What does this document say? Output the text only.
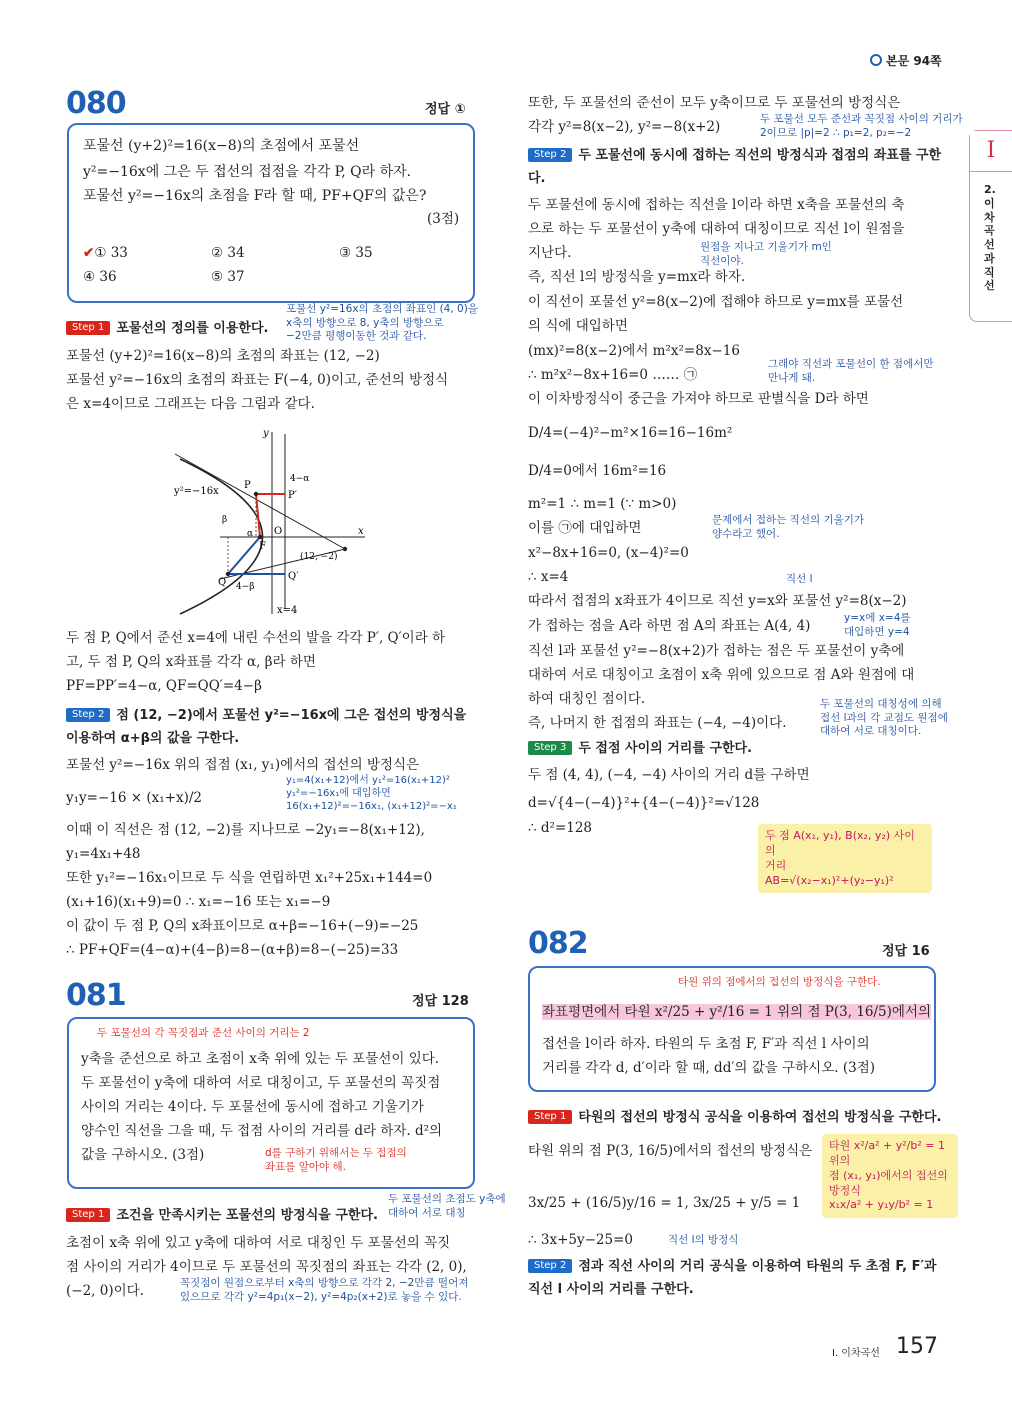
본문 94쪽
I
2. 이차곡선과 직선
080	정답 ①
포물선 (y+2)²=16(x−8)의 초점에서 포물선
y²=−16x에 그은 두 접선의 접점을 각각 P, Q라 하자.
포물선 y²=−16x의 초점을 F라 할 때, PF+QF의 값은?
(3점)
✔① 33	② 34	③ 35
④ 36	⑤ 37
Step 1 포물선의 정의를 이용한다.
포물선 y²=16x의 초점의 좌표인 (4, 0)을
x축의 방향으로 8, y축의 방향으로
−2만큼 평행이동한 것과 같다.
포물선 (y+2)²=16(x−8)의 초점의 좌표는 (12, −2)
포물선 y²=−16x의 초점의 좌표는 F(−4, 0)이고, 준선의 방정식
은 x=4이므로 그래프는 다음 그림과 같다.
y
x
O
y²=−16x
x=4
P
P′
Q
Q′
F
α
β
(12, −2)
4−α
4−β
두 점 P, Q에서 준선 x=4에 내린 수선의 발을 각각 P′, Q′이라 하
고, 두 점 P, Q의 x좌표를 각각 α, β라 하면
PF=PP′=4−α, QF=QQ′=4−β
Step 2 점 (12, −2)에서 포물선 y²=−16x에 그은 접선의 방정식을
이용하여 α+β의 값을 구한다.
포물선 y²=−16x 위의 접점 (x₁, y₁)에서의 접선의 방정식은
y₁y=−16 × (x₁+x)/2
y₁=4(x₁+12)에서 y₁²=16(x₁+12)²
y₁²=−16x₁에 대입하면
16(x₁+12)²=−16x₁, (x₁+12)²=−x₁
이때 이 직선은 점 (12, −2)를 지나므로 −2y₁=−8(x₁+12),
y₁=4x₁+48
또한 y₁²=−16x₁이므로 두 식을 연립하면 x₁²+25x₁+144=0
(x₁+16)(x₁+9)=0 ∴ x₁=−16 또는 x₁=−9
이 값이 두 점 P, Q의 x좌표이므로 α+β=−16+(−9)=−25
∴ PF+QF=(4−α)+(4−β)=8−(α+β)=8−(−25)=33
081	정답 128
두 포물선의 각 꼭짓점과 준선 사이의 거리는 2
y축을 준선으로 하고 초점이 x축 위에 있는 두 포물선이 있다.
두 포물선이 y축에 대하여 서로 대칭이고, 두 포물선의 꼭짓점
사이의 거리는 4이다. 두 포물선에 동시에 접하고 기울기가
양수인 직선을 그을 때, 두 접점 사이의 거리를 d라 하자. d²의
값을 구하시오. (3점)	d를 구하기 위해서는 두 접점의
좌표를 알아야 해.
Step 1 조건을 만족시키는 포물선의 방정식을 구한다.
두 포물선의 초점도 y축에
대하여 서로 대칭
초점이 x축 위에 있고 y축에 대하여 서로 대칭인 두 포물선의 꼭짓
점 사이의 거리가 4이므로 두 포물선의 꼭짓점의 좌표는 각각 (2, 0),
(−2, 0)이다.	꼭짓점이 원점으로부터 x축의 방향으로 각각 2, −2만큼 떨어져
있으므로 각각 y²=4p₁(x−2), y²=4p₂(x+2)로 놓을 수 있다.
또한, 두 포물선의 준선이 모두 y축이므로 두 포물선의 방정식은
각각 y²=8(x−2), y²=−8(x+2)	두 포물선 모두 준선과 꼭짓점 사이의 거리가
2이므로 |p|=2 ∴ p₁=2, p₂=−2
Step 2 두 포물선에 동시에 접하는 직선의 방정식과 접점의 좌표를 구한
다.
두 포물선에 동시에 접하는 직선을 l이라 하면 x축을 포물선의 축
으로 하는 두 포물선이 y축에 대하여 대칭이므로 직선 l이 원점을
지난다.	원점을 지나고 기울기가 m인
직선이야.
즉, 직선 l의 방정식을 y=mx라 하자.
이 직선이 포물선 y²=8(x−2)에 접해야 하므로 y=mx를 포물선
의 식에 대입하면
(mx)²=8(x−2)에서 m²x²=8x−16
∴ m²x²−8x+16=0 …… ㉠
그래야 직선과 포물선이 한 점에서만
만나게 돼.
이 이차방정식이 중근을 가져야 하므로 판별식을 D라 하면
D/4=(−4)²−m²×16=16−16m²
D/4=0에서 16m²=16
m²=1 ∴ m=1 (∵ m>0)
이를 ㉠에 대입하면	문제에서 접하는 직선의 기울기가
양수라고 했어.
x²−8x+16=0, (x−4)²=0
∴ x=4	직선 l
따라서 접점의 x좌표가 4이므로 직선 y=x와 포물선 y²=8(x−2)
가 접하는 점을 A라 하면 점 A의 좌표는 A(4, 4)	y=x에 x=4를
대입하면 y=4
직선 l과 포물선 y²=−8(x+2)가 접하는 점은 두 포물선이 y축에
대하여 서로 대칭이고 초점이 x축 위에 있으므로 점 A와 원점에 대
하여 대칭인 점이다.
즉, 나머지 한 접점의 좌표는 (−4, −4)이다.
두 포물선의 대칭성에 의해
접선 l과의 각 교점도 원점에
대하여 서로 대칭이다.
Step 3 두 접점 사이의 거리를 구한다.
두 점 (4, 4), (−4, −4) 사이의 거리 d를 구하면
d=√{4−(−4)}²+{4−(−4)}²=√128
∴ d²=128	두 점 A(x₁, y₁), B(x₂, y₂) 사이의
거리
AB=√(x₂−x₁)²+(y₂−y₁)²
082	정답 16
타원 위의 점에서의 접선의 방정식을 구한다.
좌표평면에서 타원 x²/25 + y²/16 = 1 위의 점 P(3, 16/5)에서의
접선을 l이라 하자. 타원의 두 초점 F, F′과 직선 l 사이의
거리를 각각 d, d′이라 할 때, dd′의 값을 구하시오. (3점)
Step 1 타원의 접선의 방정식 공식을 이용하여 접선의 방정식을 구한다.
타원 위의 점 P(3, 16/5)에서의 접선의 방정식은
3x/25 + (16/5)y/16 = 1, 3x/25 + y/5 = 1
∴ 3x+5y−25=0	직선 l의 방정식
타원 x²/a² + y²/b² = 1 위의
점 (x₁, y₁)에서의 접선의
방정식
x₁x/a² + y₁y/b² = 1
Step 2 점과 직선 사이의 거리 공식을 이용하여 타원의 두 초점 F, F′과
직선 l 사이의 거리를 구한다.
I. 이차곡선 157
